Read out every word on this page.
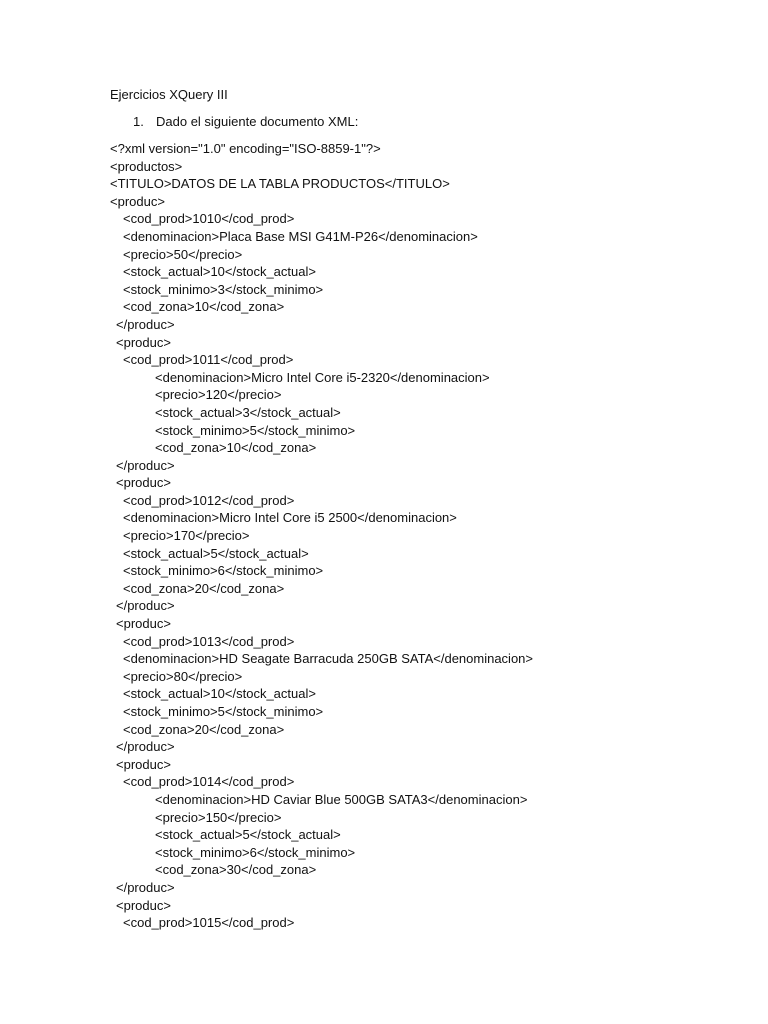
Ejercicios XQuery III
1. Dado el siguiente documento XML:
<?xml version="1.0" encoding="ISO-8859-1"?>
<productos>
<TITULO>DATOS DE LA TABLA PRODUCTOS</TITULO>
<produc>
<cod_prod>1010</cod_prod>
<denominacion>Placa Base MSI G41M-P26</denominacion>
<precio>50</precio>
<stock_actual>10</stock_actual>
<stock_minimo>3</stock_minimo>
<cod_zona>10</cod_zona>
</produc>
<produc>
<cod_prod>1011</cod_prod>
<denominacion>Micro Intel Core i5-2320</denominacion>
<precio>120</precio>
<stock_actual>3</stock_actual>
<stock_minimo>5</stock_minimo>
<cod_zona>10</cod_zona>
</produc>
<produc>
<cod_prod>1012</cod_prod>
<denominacion>Micro Intel Core i5 2500</denominacion>
<precio>170</precio>
<stock_actual>5</stock_actual>
<stock_minimo>6</stock_minimo>
<cod_zona>20</cod_zona>
</produc>
<produc>
<cod_prod>1013</cod_prod>
<denominacion>HD Seagate Barracuda 250GB SATA</denominacion>
<precio>80</precio>
<stock_actual>10</stock_actual>
<stock_minimo>5</stock_minimo>
<cod_zona>20</cod_zona>
</produc>
<produc>
<cod_prod>1014</cod_prod>
<denominacion>HD Caviar Blue 500GB SATA3</denominacion>
<precio>150</precio>
<stock_actual>5</stock_actual>
<stock_minimo>6</stock_minimo>
<cod_zona>30</cod_zona>
</produc>
<produc>
<cod_prod>1015</cod_prod>
